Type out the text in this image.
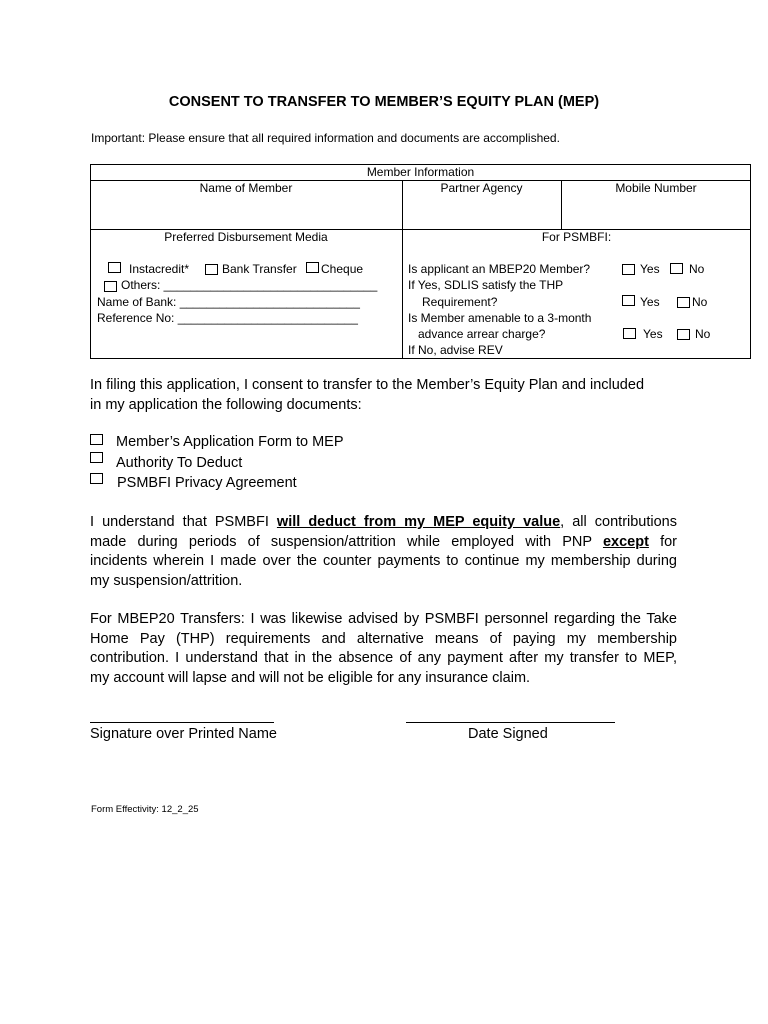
CONSENT TO TRANSFER TO MEMBER’S EQUITY PLAN (MEP)
Important: Please ensure that all required information and documents are accomplished.
Member Information
Name of Member	Partner Agency	Mobile Number
Preferred Disbursement Media
Instacredit*	Bank Transfer Cheque
Others: ________________________________
Name of Bank: ___________________________
Reference No: ___________________________
For PSMBFI:
Is applicant an MBEP20 Member?	Yes No
If Yes, SDLIS satisfy the THP
Requirement?	Yes	No
Is Member amenable to a 3-month
advance arrear charge?	Yes	No
If No, advise REV
In filing this application, I consent to transfer to the Member’s Equity Plan and included
in my application the following documents:
Member’s Application Form to MEP
Authority To Deduct
PSMBFI Privacy Agreement
I understand that PSMBFI will deduct from my MEP equity value, all contributions
made during periods of suspension/attrition while employed with PNP except for
incidents wherein I made over the counter payments to continue my membership during
my suspension/attrition.
For MBEP20 Transfers: I was likewise advised by PSMBFI personnel regarding the Take
Home Pay (THP) requirements and alternative means of paying my membership
contribution. I understand that in the absence of any payment after my transfer to MEP,
my account will lapse and will not be eligible for any insurance claim.
Signature over Printed Name	Date Signed
Form Effectivity: 12_2_25
